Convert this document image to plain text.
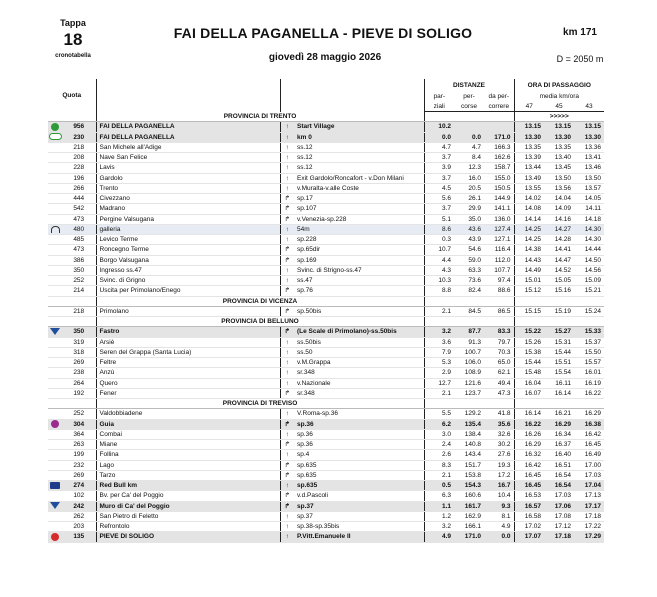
Tappa
18
cronotabella
FAI DELLA PAGANELLA - PIEVE DI SOLIGO
giovedì 28 maggio 2026
km 171
D = 2050 m
Quota					DISTANZE			ORA DI PASSAGGIO		
					par-	per-	da per-	media km/ora		
					ziali	corse	correre	47	45	43
		PROVINCIA DI TRENTO						>>>>>		
	956	FAI DELLA PAGANELLA	↑	Start Village	10.2			13.15	13.15	13.15
	230	FAI DELLA PAGANELLA	↑	km 0	0.0	0.0	171.0	13.30	13.30	13.30
	218	San Michele all'Adige	↑	ss.12	4.7	4.7	166.3	13.35	13.35	13.36
	208	Nave San Felice	↑	ss.12	3.7	8.4	162.6	13.39	13.40	13.41
	228	Lavis	↑	ss.12	3.9	12.3	158.7	13.44	13.45	13.46
	196	Gardolo	↑	Exit Gardolo/Roncafort - v.Don Milani	3.7	16.0	155.0	13.49	13.50	13.50
	266	Trento	↑	v.Muralta-v.alle Coste	4.5	20.5	150.5	13.55	13.56	13.57
	444	Civezzano	↱	sp.17	5.6	26.1	144.9	14.02	14.04	14.05
	542	Madrano	↱	sp.107	3.7	29.9	141.1	14.08	14.09	14.11
	473	Pergine Valsugana	↱	v.Venezia-sp.228	5.1	35.0	136.0	14.14	14.16	14.18
	480	galleria	↑	54m	8.6	43.6	127.4	14.25	14.27	14.30
	485	Levico Terme	↑	sp.228	0.3	43.9	127.1	14.25	14.28	14.30
	473	Roncegno Terme	↱	sp.65dir	10.7	54.6	116.4	14.38	14.41	14.44
	386	Borgo Valsugana	↱	sp.169	4.4	59.0	112.0	14.43	14.47	14.50
	350	Ingresso ss.47	↑	Svinc. di Strigno-ss.47	4.3	63.3	107.7	14.49	14.52	14.56
	252	Svinc. di Grigno	↑	ss.47	10.3	73.6	97.4	15.01	15.05	15.09
	214	Uscita per Primolano/Enego	↱	sp.76	8.8	82.4	88.6	15.12	15.16	15.21
		PROVINCIA DI VICENZA								
	218	Primolano	↱	sp.50bis	2.1	84.5	86.5	15.15	15.19	15.24
		PROVINCIA DI BELLUNO								
	350	Fastro	↱	(Le Scale di Primolano)-ss.50bis	3.2	87.7	83.3	15.22	15.27	15.33
	319	Arsiè	↑	ss.50bis	3.6	91.3	79.7	15.26	15.31	15.37
	318	Seren del Grappa (Santa Lucia)	↑	ss.50	7.9	100.7	70.3	15.38	15.44	15.50
	269	Feltre	↑	v.M.Grappa	5.3	106.0	65.0	15.44	15.51	15.57
	238	Anzù	↑	sr.348	2.9	108.9	62.1	15.48	15.54	16.01
	264	Quero	↑	v.Nazionale	12.7	121.6	49.4	16.04	16.11	16.19
	192	Fener	↱	sr.348	2.1	123.7	47.3	16.07	16.14	16.22
		PROVINCIA DI TREVISO								
	252	Valdobbiadene	↑	V.Roma-sp.36	5.5	129.2	41.8	16.14	16.21	16.29
	304	Guia	↱	sp.36	6.2	135.4	35.6	16.22	16.29	16.38
	364	Combai	↑	sp.36	3.0	138.4	32.6	16.26	16.34	16.42
	263	Miane	↱	sp.36	2.4	140.8	30.2	16.29	16.37	16.45
	199	Follina	↑	sp.4	2.6	143.4	27.6	16.32	16.40	16.49
	232	Lago	↱	sp.635	8.3	151.7	19.3	16.42	16.51	17.00
	269	Tarzo	↱	sp.635	2.1	153.8	17.2	16.45	16.54	17.03
	274	Red Bull km	↑	sp.635	0.5	154.3	16.7	16.45	16.54	17.04
	102	Bv. per Ca' del Poggio	↱	v.d.Pascoli	6.3	160.6	10.4	16.53	17.03	17.13
	242	Muro di Ca' del Poggio	↱	sp.37	1.1	161.7	9.3	16.57	17.06	17.17
	262	San Pietro di Feletto	↑	sp.37	1.2	162.9	8.1	16.58	17.08	17.18
	203	Refrontolo	↑	sp.38-sp.35bis	3.2	166.1	4.9	17.02	17.12	17.22
	135	PIEVE DI SOLIGO	↑	P.Vitt.Emanuele II	4.9	171.0	0.0	17.07	17.18	17.29
